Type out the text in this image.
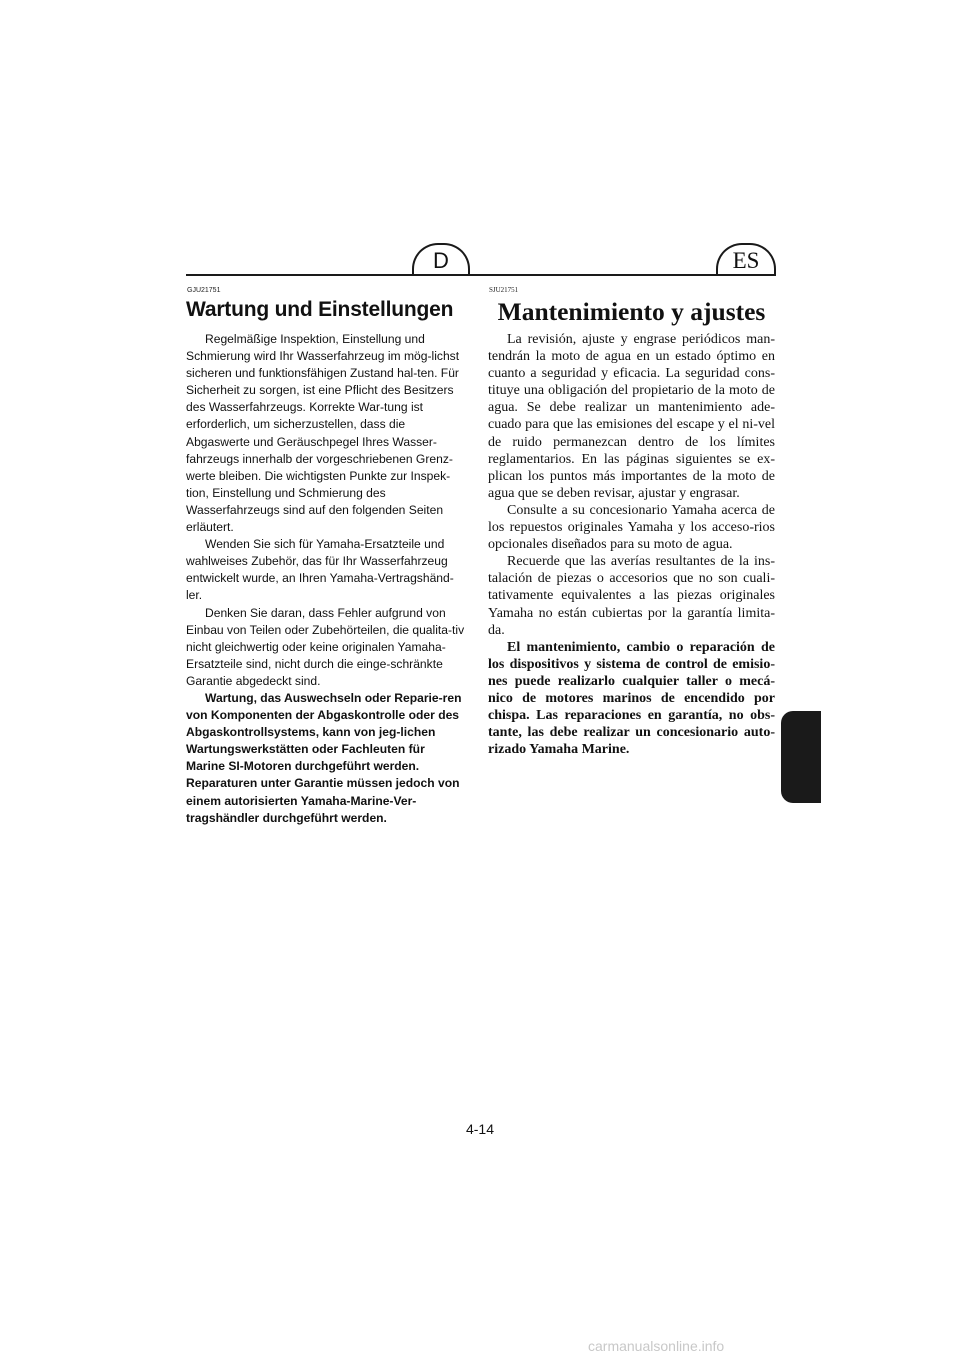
D	ES
GJU21751
Wartung und Einstellungen

Regelmäßige Inspektion, Einstellung und Schmierung wird Ihr Wasserfahrzeug im mög-lichst sicheren und funktionsfähigen Zustand hal-ten. Für Sicherheit zu sorgen, ist eine Pflicht des Besitzers des Wasserfahrzeugs. Korrekte War-tung ist erforderlich, um sicherzustellen, dass die Abgaswerte und Geräuschpegel Ihres Wasser-fahrzeugs innerhalb der vorgeschriebenen Grenz-werte bleiben. Die wichtigsten Punkte zur Inspek-tion, Einstellung und Schmierung des Wasserfahrzeugs sind auf den folgenden Seiten erläutert.

Wenden Sie sich für Yamaha-Ersatzteile und wahlweises Zubehör, das für Ihr Wasserfahrzeug entwickelt wurde, an Ihren Yamaha-Vertragshänd-ler.

Denken Sie daran, dass Fehler aufgrund von Einbau von Teilen oder Zubehörteilen, die qualita-tiv nicht gleichwertig oder keine originalen Yamaha-Ersatzteile sind, nicht durch die einge-schränkte Garantie abgedeckt sind.

Wartung, das Auswechseln oder Reparie-ren von Komponenten der Abgaskontrolle oder des Abgaskontrollsystems, kann von jeg-lichen Wartungswerkstätten oder Fachleuten für Marine SI-Motoren durchgeführt werden. Reparaturen unter Garantie müssen jedoch von einem autorisierten Yamaha-Marine-Ver-tragshändler durchgeführt werden.

SJU21751
Mantenimiento y ajustes

La revisión, ajuste y engrase periódicos man-tendrán la moto de agua en un estado óptimo en cuanto a seguridad y eficacia. La seguridad cons-tituye una obligación del propietario de la moto de agua. Se debe realizar un mantenimiento ade-cuado para que las emisiones del escape y el ni-vel de ruido permanezcan dentro de los límites reglamentarios. En las páginas siguientes se ex-plican los puntos más importantes de la moto de agua que se deben revisar, ajustar y engrasar.

Consulte a su concesionario Yamaha acerca de los repuestos originales Yamaha y los acceso-rios opcionales diseñados para su moto de agua.

Recuerde que las averías resultantes de la ins-talación de piezas o accesorios que no son cuali-tativamente equivalentes a las piezas originales Yamaha no están cubiertas por la garantía limita-da.

El mantenimiento, cambio o reparación de los dispositivos y sistema de control de emisio-nes puede realizarlo cualquier taller o mecá-nico de motores marinos de encendido por chispa. Las reparaciones en garantía, no obs-tante, las debe realizar un concesionario auto-rizado Yamaha Marine.

4-14
carmanualsonline.info
